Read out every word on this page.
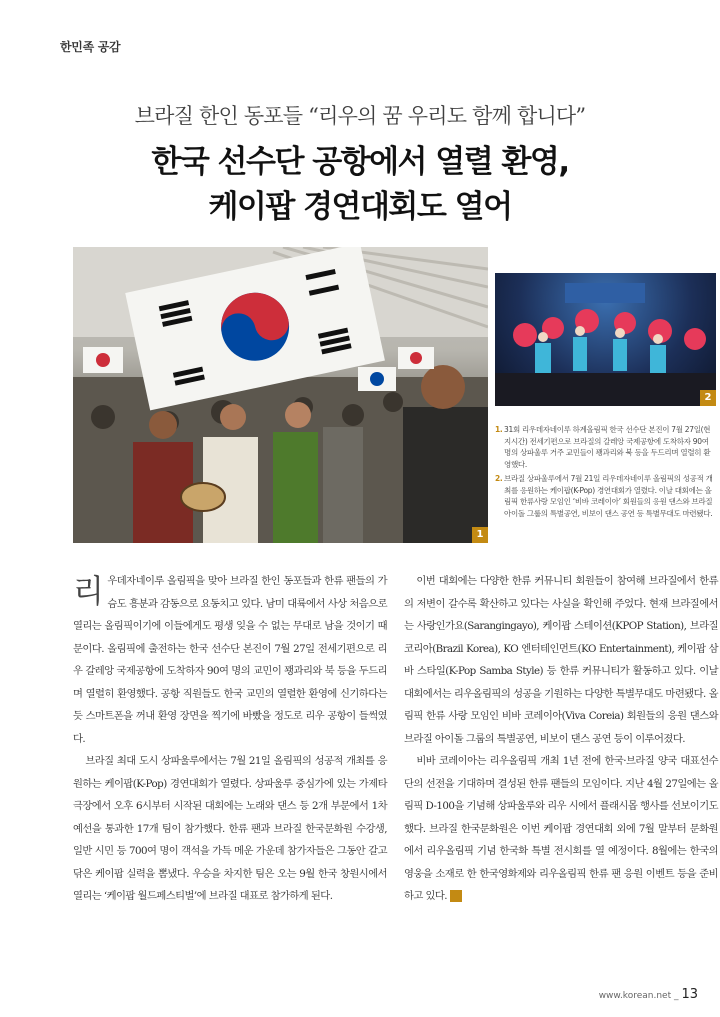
한민족 공감
브라질 한인 동포들 “리우의 꿈 우리도 함께 합니다”
한국 선수단 공항에서 열렬 환영,
케이팝 경연대회도 열어
1
2
1. 31회 리우데자네이루 하계올림픽 한국 선수단 본진이 7월 27일(현지시간) 전세기편으로 브라질의 갈레앙 국제공항에 도착하자 90여 명의 상파울루 거주 교민들이 꽹과리와 북 등을 두드리며 열렬히 환영했다.
2. 브라질 상파울루에서 7월 21일 리우데자네이루 올림픽의 성공적 개최를 응원하는 케이팝(K-Pop) 경연대회가 열렸다. 이날 대회에는 올림픽 한류사랑 모임인 ‘비바 코레이아’ 회원들의 응원 댄스와 브라질 아이돌 그룹의 특별공연, 비보이 댄스 공연 등 특별무대도 마련됐다.

리우데자네이루 올림픽을 맞아 브라질 한인 동포들과 한류 팬들의 가슴도 흥분과 감동으로 요동치고 있다. 남미 대륙에서 사상 처음으로 열리는 올림픽이기에 이들에게도 평생 잊을 수 없는 무대로 남을 것이기 때문이다. 올림픽에 출전하는 한국 선수단 본진이 7월 27일 전세기편으로 리우 갈레앙 국제공항에 도착하자 90여 명의 교민이 꽹과리와 북 등을 두드리며 열렬히 환영했다. 공항 직원들도 한국 교민의 열렬한 환영에 신기하다는 듯 스마트폰을 꺼내 환영 장면을 찍기에 바빴을 정도로 리우 공항이 들썩였다.

브라질 최대 도시 상파울루에서는 7월 21일 올림픽의 성공적 개최를 응원하는 케이팝(K-Pop) 경연대회가 열렸다. 상파울루 중심가에 있는 가제타 극장에서 오후 6시부터 시작된 대회에는 노래와 댄스 등 2개 부문에서 1차 예선을 통과한 17개 팀이 참가했다. 한류 팬과 브라질 한국문화원 수강생, 일반 시민 등 700여 명이 객석을 가득 메운 가운데 참가자들은 그동안 갈고 닦은 케이팝 실력을 뽐냈다. 우승을 차지한 팀은 오는 9월 한국 창원시에서 열리는 ‘케이팝 월드페스티벌’에 브라질 대표로 참가하게 된다.

이번 대회에는 다양한 한류 커뮤니티 회원들이 참여해 브라질에서 한류의 저변이 갈수록 확산하고 있다는 사실을 확인해 주었다. 현재 브라질에서는 사랑인가요(Sarangingayo), 케이팝 스테이션(KPOP Station), 브라질 코리아(Brazil Korea), KO 엔터테인먼트(KO Entertainment), 케이팝 삼바 스타일(K-Pop Samba Style) 등 한류 커뮤니티가 활동하고 있다. 이날 대회에서는 리우올림픽의 성공을 기원하는 다양한 특별무대도 마련됐다. 올림픽 한류 사랑 모임인 비바 코레이아(Viva Coreia) 회원들의 응원 댄스와 브라질 아이돌 그룹의 특별공연, 비보이 댄스 공연 등이 이루어졌다.

비바 코레이아는 리우올림픽 개최 1년 전에 한국·브라질 양국 대표선수단의 선전을 기대하며 결성된 한류 팬들의 모임이다. 지난 4월 27일에는 올림픽 D-100을 기념해 상파울루와 리우 시에서 플래시몹 행사를 선보이기도 했다. 브라질 한국문화원은 이번 케이팝 경연대회 외에 7월 말부터 문화원에서 리우올림픽 기념 한국화 특별 전시회를 열 예정이다. 8월에는 한국의 영웅을 소재로 한 한국영화제와 리우올림픽 한류 팬 응원 이벤트 등을 준비하고 있다. 참

www.korean.net _ 13
